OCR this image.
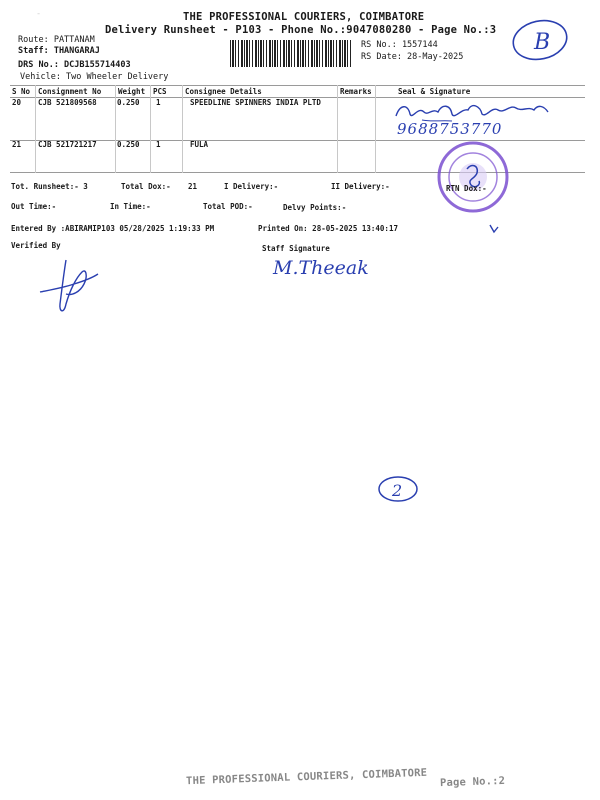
THE PROFESSIONAL COURIERS, COIMBATORE
Delivery Runsheet - P103 - Phone No.:9047080280 - Page No.:3
-
Route: PATTANAM
Staff: THANGARAJ
DRS No.: DCJB155714403
Vehicle: Two Wheeler Delivery
RS No.: 1557144
RS Date: 28-May-2025
B
S No Consignment No Weight PCS Consignee Details	Remarks	Seal & Signature
20 CJB 521809568	0.250 1	SPEEDLINE SPINNERS INDIA PLTD
21 CJB 521721217	0.250 1	FULA
9688753770
Tot. Runsheet:- 3	Total Dox:- 21	I Delivery:-	II Delivery:-	RTN Dox:-
Out Time:-	In Time:-	Total POD:-	Delvy Points:-
Entered By :ABIRAMIP103 05/28/2025 1:19:33 PM	Printed On: 28-05-2025 13:40:17
Verified By	Staff Signature
M.Theeak
2
THE PROFESSIONAL COURIERS, COIMBATORE Page No.:2
